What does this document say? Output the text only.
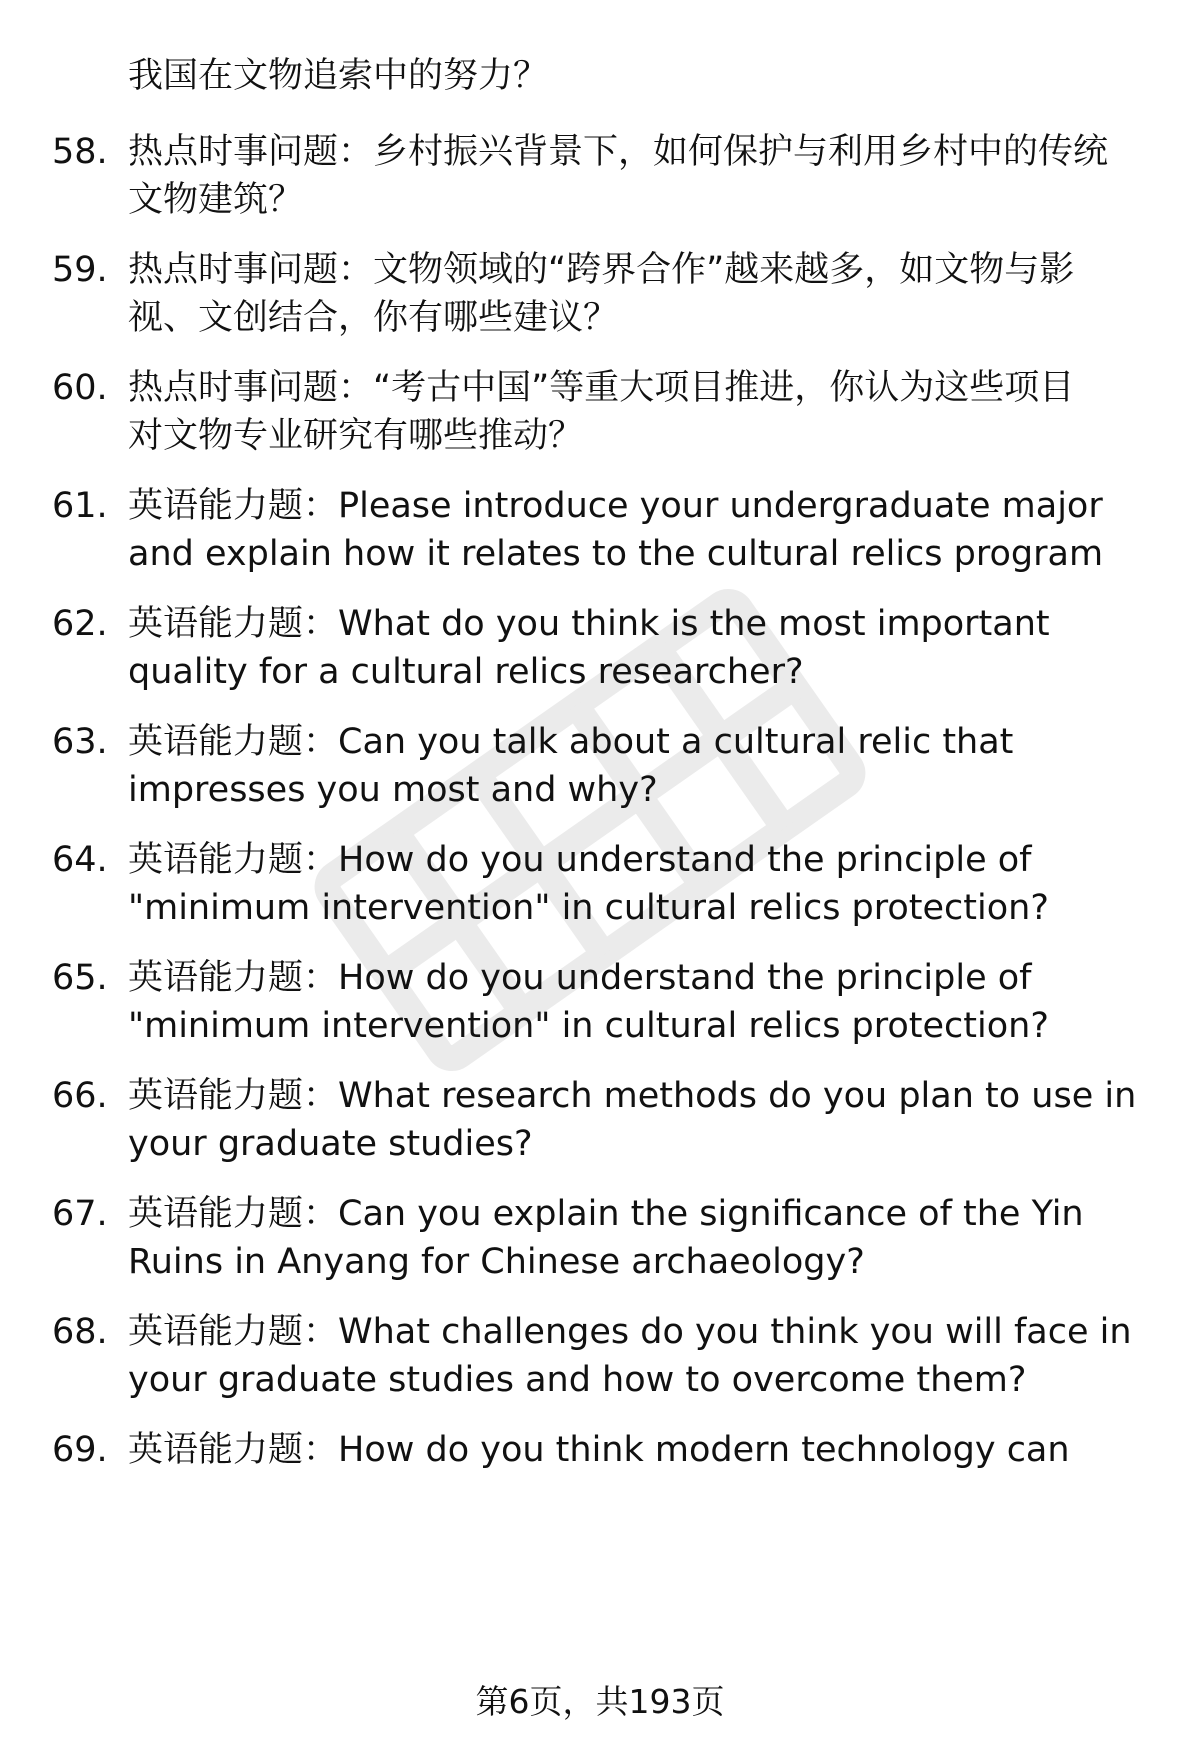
我国在文物追索中的努力？
58. 热点时事问题：乡村振兴背景下，如何保护与利用乡村中的传统
文物建筑？
59. 热点时事问题：文物领域的“跨界合作”越来越多，如文物与影
视、文创结合，你有哪些建议？
60. 热点时事问题：“考古中国”等重大项目推进，你认为这些项目
对文物专业研究有哪些推动？
61. 英语能力题：Please introduce your undergraduate major
and explain how it relates to the cultural relics program
62. 英语能力题：What do you think is the most important
quality for a cultural relics researcher?
63. 英语能力题：Can you talk about a cultural relic that
impresses you most and why?
64. 英语能力题：How do you understand the principle of
"minimum intervention" in cultural relics protection?
65. 英语能力题：How do you understand the principle of
"minimum intervention" in cultural relics protection?
66. 英语能力题：What research methods do you plan to use in
your graduate studies?
67. 英语能力题：Can you explain the significance of the Yin
Ruins in Anyang for Chinese archaeology?
68. 英语能力题：What challenges do you think you will face in
your graduate studies and how to overcome them?
69. 英语能力题：How do you think modern technology can
第6页，共193页
